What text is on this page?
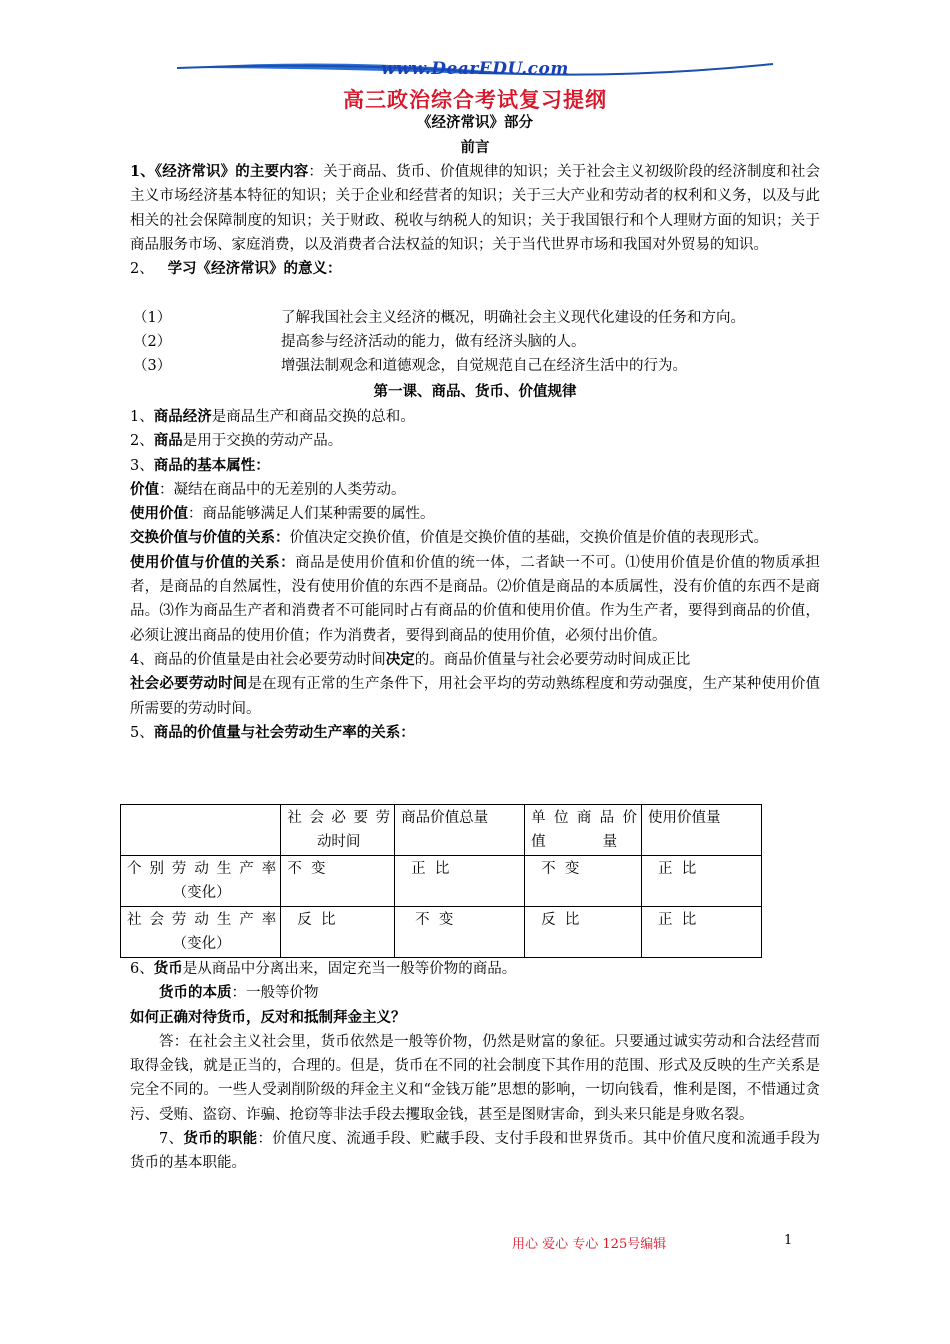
www.DearEDU.com
高三政治综合考试复习提纲
《经济常识》部分
前言

1、《经济常识》的主要内容：关于商品、货币、价值规律的知识；关于社会主义初级阶段的经济制度和社会主义市场经济基本特征的知识；关于企业和经营者的知识；关于三大产业和劳动者的权利和义务，以及与此相关的社会保障制度的知识；关于财政、税收与纳税人的知识；关于我国银行和个人理财方面的知识；关于商品服务市场、家庭消费，以及消费者合法权益的知识；关于当代世界市场和我国对外贸易的知识。

2、 学习《经济常识》的意义：

（1）	了解我国社会主义经济的概况，明确社会主义现代化建设的任务和方向。
（2）	提高参与经济活动的能力，做有经济头脑的人。
（3）	增强法制观念和道德观念，自觉规范自己在经济生活中的行为。
第一课、商品、货币、价值规律

1、商品经济是商品生产和商品交换的总和。

2、商品是用于交换的劳动产品。

3、商品的基本属性：

价值：凝结在商品中的无差别的人类劳动。

使用价值：商品能够满足人们某种需要的属性。

交换价值与价值的关系：价值决定交换价值，价值是交换价值的基础，交换价值是价值的表现形式。

使用价值与价值的关系：商品是使用价值和价值的统一体，二者缺一不可。⑴使用价值是价值的物质承担者，是商品的自然属性，没有使用价值的东西不是商品。⑵价值是商品的本质属性，没有价值的东西不是商品。⑶作为商品生产者和消费者不可能同时占有商品的价值和使用价值。作为生产者，要得到商品的价值，必须让渡出商品的使用价值；作为消费者，要得到商品的使用价值，必须付出价值。

4、商品的价值量是由社会必要劳动时间决定的。商品价值量与社会必要劳动时间成正比

社会必要劳动时间是在现有正常的生产条件下，用社会平均的劳动熟练程度和劳动强度，生产某种使用价值所需要的劳动时间。

5、商品的价值量与社会劳动生产率的关系：

	社会必要劳
动时间	商品价值总量	单位商品价
值量	使用价值量

个别劳动生产率
（变化）	不  变	正  比	不  变	正  比

社会劳动生产率
（变化）	反  比	不  变	反  比	正  比

6、货币是从商品中分离出来，固定充当一般等价物的商品。

货币的本质：一般等价物

如何正确对待货币，反对和抵制拜金主义？

答：在社会主义社会里，货币依然是一般等价物，仍然是财富的象征。只要通过诚实劳动和合法经营而取得金钱，就是正当的，合理的。但是，货币在不同的社会制度下其作用的范围、形式及反映的生产关系是完全不同的。一些人受剥削阶级的拜金主义和“金钱万能”思想的影响，一切向钱看，惟利是图，不惜通过贪污、受贿、盗窃、诈骗、抢窃等非法手段去攫取金钱，甚至是图财害命，到头来只能是身败名裂。

7、货币的职能：价值尺度、流通手段、贮藏手段、支付手段和世界货币。其中价值尺度和流通手段为货币的基本职能。

用心 爱心 专心 125号编辑	1
